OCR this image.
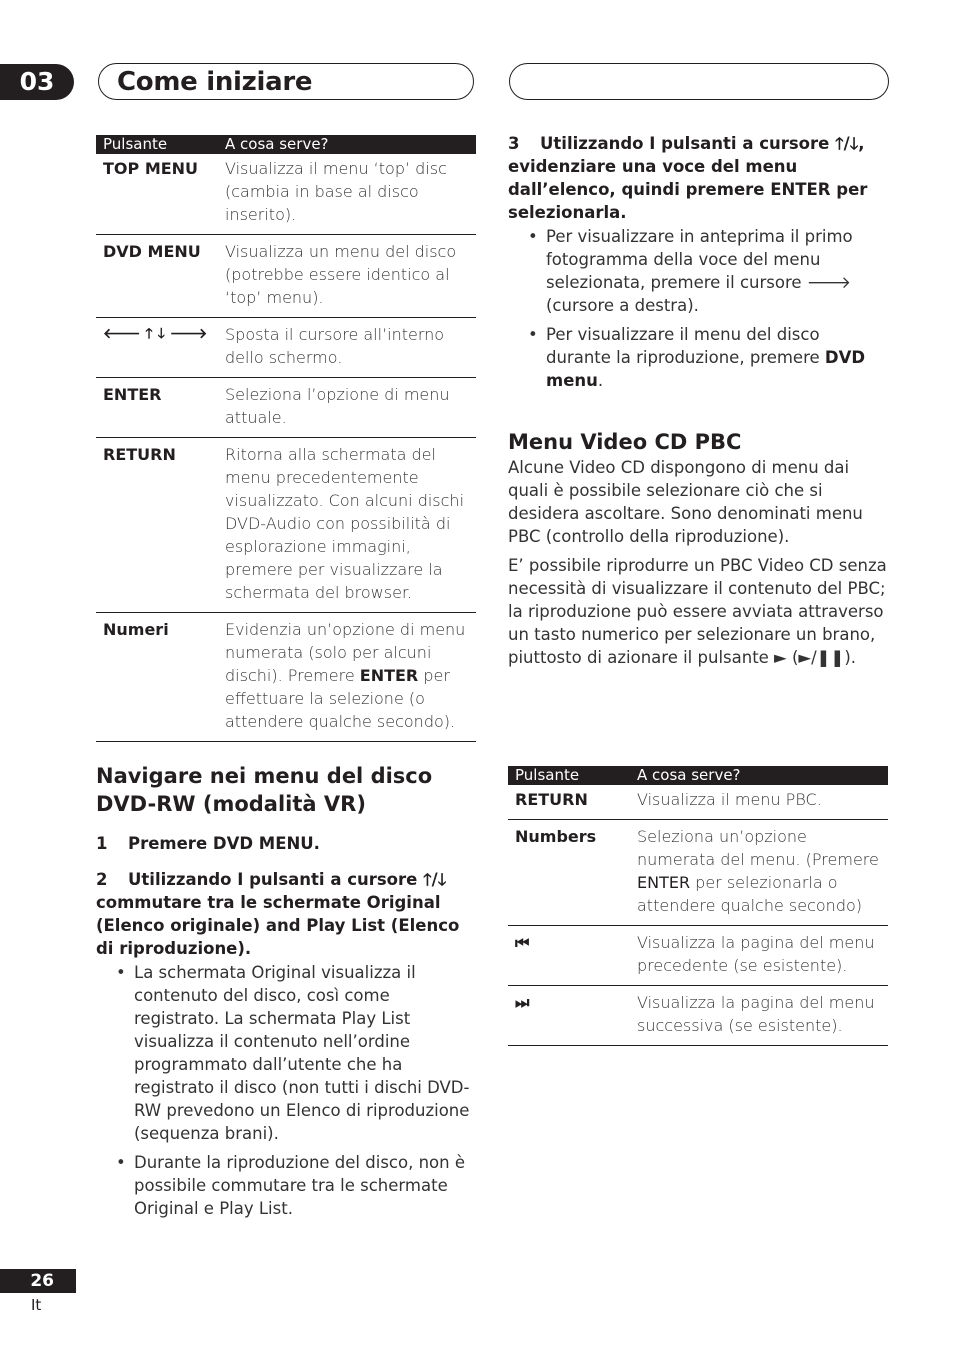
03	Come iniziare
Pulsante	A cosa serve?

TOP MENU	Visualizza il menu ‘top’ disc (cambia in base al disco inserito).

DVD MENU	Visualizza un menu del disco (potrebbe essere identico al ‘top’ menu).

🡐 🡑 🡓 🡒	Sposta il cursore all’interno dello schermo.

ENTER	Seleziona l’opzione di menu attuale.

RETURN	Ritorna alla schermata del menu precedentemente visualizzato. Con alcuni dischi DVD-Audio con possibilità di esplorazione immagini, premere per visualizzare la schermata del browser.

Numeri	Evidenzia un’opzione di menu numerata (solo per alcuni dischi). Premere ENTER per effettuare la selezione (o attendere qualche secondo).
Navigare nei menu del disco DVD-RW (modalità VR)
1 Premere DVD MENU.
2 Utilizzando I pulsanti a cursore 🡑/🡓 commutare tra le schermate Original (Elenco originale) and Play List (Elenco di riproduzione).
• La schermata Original visualizza il contenuto del disco, così come registrato. La schermata Play List visualizza il contenuto nell’ordine programmato dall’utente che ha registrato il disco (non tutti i dischi DVD-RW prevedono un Elenco di riproduzione (sequenza brani).
• Durante la riproduzione del disco, non è possibile commutare tra le schermate Original e Play List.
3 Utilizzando I pulsanti a cursore 🡑/🡓, evidenziare una voce del menu dall’elenco, quindi premere ENTER per selezionarla.
• Per visualizzare in anteprima il primo fotogramma della voce del menu selezionata, premere il cursore 🡒 (cursore a destra).
• Per visualizzare il menu del disco durante la riproduzione, premere DVD menu.
Menu Video CD PBC

Alcune Video CD dispongono di menu dai quali è possibile selezionare ciò che si desidera ascoltare. Sono denominati menu PBC (controllo della riproduzione).

E’ possibile riprodurre un PBC Video CD senza necessità di visualizzare il contenuto del PBC; la riproduzione può essere avviata attraverso un tasto numerico per selezionare un brano, piuttosto di azionare il pulsante ► (►/❚❚).

Pulsante	A cosa serve?

RETURN	Visualizza il menu PBC.

Numbers	Seleziona un’opzione numerata del menu. (Premere ENTER per selezionarla o attendere qualche secondo)

⏮	Visualizza la pagina del menu precedente (se esistente).

⏭	Visualizza la pagina del menu successiva (se esistente).
26
It
